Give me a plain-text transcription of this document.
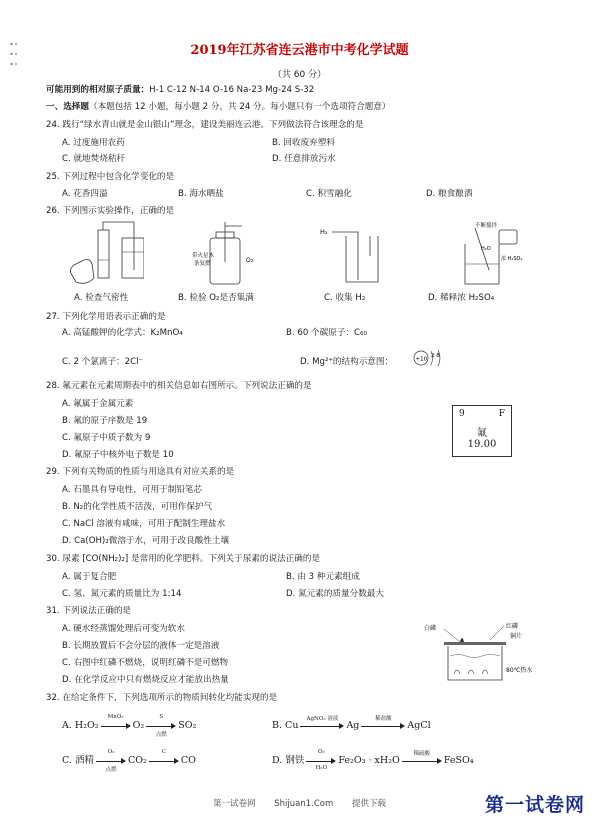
2019年江苏省连云港市中考化学试题
（共 60 分）
可能用到的相对原子质量：H-1 C-12 N-14 O-16 Na-23 Mg-24 S-32
一、选择题（本题包括 12 小题，每小题 2 分，共 24 分。每小题只有一个选项符合题意）
24. 践行“绿水青山就是金山银山”理念，建设美丽连云港。下列做法符合该理念的是
A. 过度施用农药	B. 回收废弃塑料
C. 就地焚烧秸秆	D. 任意排放污水
25. 下列过程中包含化学变化的是
A. 花香四溢	B. 海水晒盐	C. 积雪融化	D. 粮食酿酒
26. 下列图示实验操作，正确的是
带火星木
条复燃	O₂
H₂
不断搅拌
H₂O
浓 H₂SO₄
A. 检查气密性	B. 检验 O₂是否集满	C. 收集 H₂	D. 稀释浓 H₂SO₄
27. 下列化学用语表示正确的是
A. 高锰酸钾的化学式：K₂MnO₄	B. 60 个碳原子：C₆₀
C. 2 个氯离子：2Cl⁻	D. Mg²⁺的结构示意图：	+10
2 8
28. 氟元素在元素周期表中的相关信息如右图所示。下列说法正确的是
A. 氟属于金属元素
B. 氟的原子序数是 19
C. 氟原子中质子数为 9
D. 氟原子中核外电子数是 10
9	F
氟
19.00
29. 下列有关物质的性质与用途具有对应关系的是
A. 石墨具有导电性，可用于制铅笔芯
B. N₂的化学性质不活泼，可用作保护气
C. NaCl 溶液有咸味，可用于配制生理盐水
D. Ca(OH)₂微溶于水，可用于改良酸性土壤
30. 尿素 [CO(NH₂)₂] 是常用的化学肥料。下列关于尿素的说法正确的是
A. 属于复合肥	B. 由 3 种元素组成
C. 氢、氮元素的质量比为 1:14	D. 氮元素的质量分数最大
31. 下列说法正确的是
A. 硬水经蒸馏处理后可变为软水
B. 长期放置后不会分层的液体一定是溶液
C. 右图中红磷不燃烧，说明红磷不是可燃物
D. 在化学反应中只有燃烧反应才能放出热量
白磷	红磷
铜片
80℃热水
32. 在给定条件下，下列选项所示的物质间转化均能实现的是
A. H₂O₂
MnO₂
O₂
S
点燃
SO₂	B. Cu
AgNO₃ 溶液
Ag
稀盐酸
AgCl
C. 酒精
O₂
点燃
CO₂
C
CO	D. 钢铁
O₂
H₂O
Fe₂O₃ · xH₂O
稀硫酸
FeSO₄
第一试卷网 Shijuan1.Com 提供下载	第一试卷网
